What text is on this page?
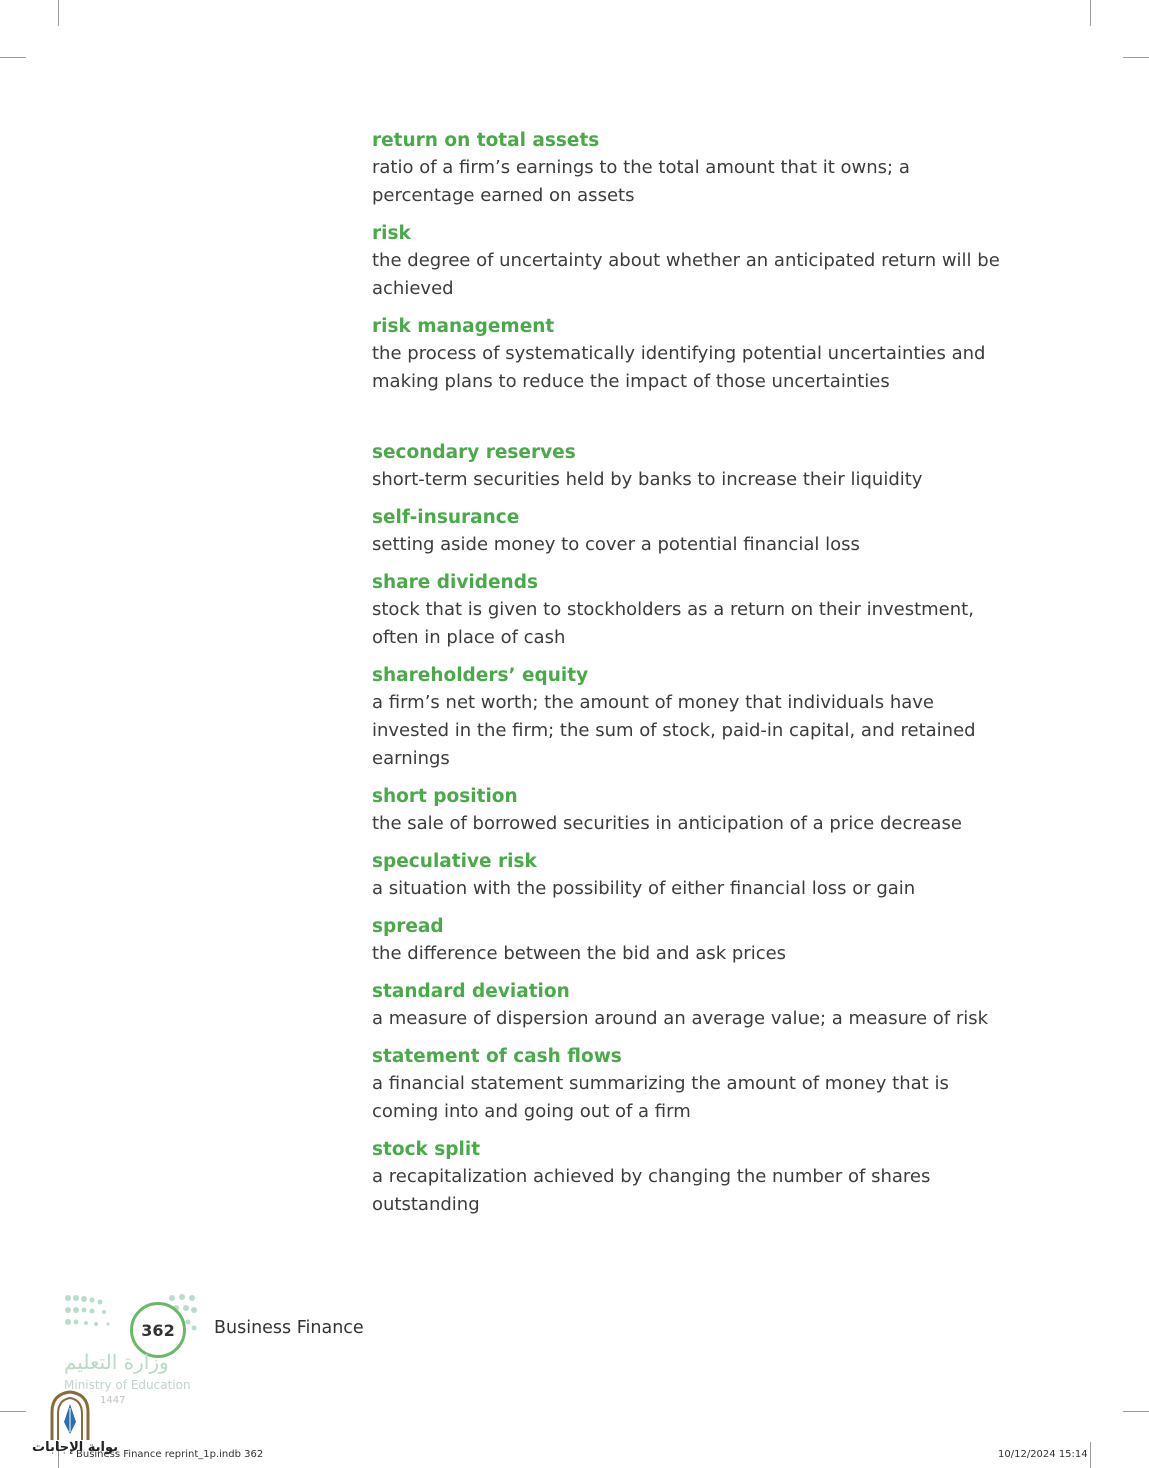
return on total assets
ratio of a firm’s earnings to the total amount that it owns; a percentage earned on assets
risk
the degree of uncertainty about whether an anticipated return will be achieved
risk management
the process of systematically identifying potential uncertainties and making plans to reduce the impact of those uncertainties
secondary reserves
short-term securities held by banks to increase their liquidity
self-insurance
setting aside money to cover a potential financial loss
share dividends
stock that is given to stockholders as a return on their investment, often in place of cash
shareholders’ equity
a firm’s net worth; the amount of money that individuals have invested in the firm; the sum of stock, paid-in capital, and retained earnings
short position
the sale of borrowed securities in anticipation of a price decrease
speculative risk
a situation with the possibility of either financial loss or gain
spread
the difference between the bid and ask prices
standard deviation
a measure of dispersion around an average value; a measure of risk
statement of cash flows
a financial statement summarizing the amount of money that is coming into and going out of a firm
stock split
a recapitalization achieved by changing the number of shares outstanding
362	Business Finance
وزارة التعليم
Ministry of Education
1447
بوابة الإجابات
Business Finance reprint_1p.indb 362	10/12/2024 15:14
